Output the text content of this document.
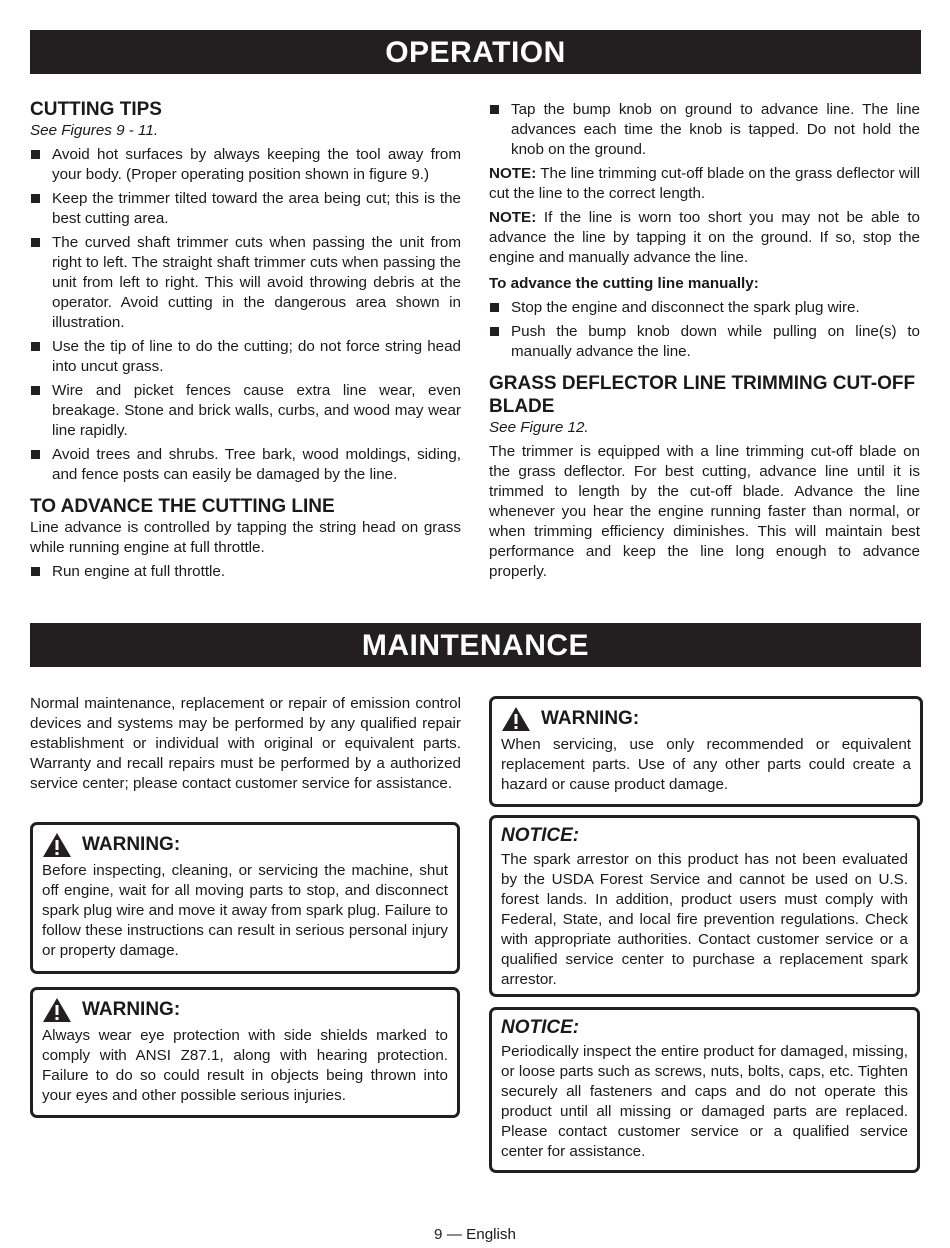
OPERATION
CUTTING TIPS
See Figures 9 - 11.
Avoid hot surfaces by always keeping the tool away from your body. (Proper operating position shown in figure 9.)
Keep the trimmer tilted toward the area being cut; this is the best cutting area.
The curved shaft trimmer cuts when passing the unit from right to left. The straight shaft trimmer cuts when passing the unit from left to right. This will avoid throwing debris at the operator. Avoid cutting in the dangerous area shown in illustration.
Use the tip of line to do the cutting; do not force string head into uncut grass.
Wire and picket fences cause extra line wear, even breakage. Stone and brick walls, curbs, and wood may wear line rapidly.
Avoid trees and shrubs. Tree bark, wood moldings, siding, and fence posts can easily be damaged by the line.
TO ADVANCE THE CUTTING LINE

Line advance is controlled by tapping the string head on grass while running engine at full throttle.

Run engine at full throttle.
Tap the bump knob on ground to advance line. The line advances each time the knob is tapped. Do not hold the knob on the ground.

NOTE: The line trimming cut-off blade on the grass deflector will cut the line to the correct length.

NOTE: If the line is worn too short you may not be able to advance the line by tapping it on the ground. If so, stop the engine and manually advance the line.

To advance the cutting line manually:
Stop the engine and disconnect the spark plug wire.
Push the bump knob down while pulling on line(s) to manually advance the line.
GRASS DEFLECTOR LINE TRIMMING CUT-OFF
BLADE
See Figure 12.

The trimmer is equipped with a line trimming cut-off blade on the grass deflector. For best cutting, advance line until it is trimmed to length by the cut-off blade. Advance the line whenever you hear the engine running faster than normal, or when trimming efficiency diminishes. This will maintain best performance and keep the line long enough to advance properly.

MAINTENANCE

Normal maintenance, replacement or repair of emission control devices and systems may be performed by any qualified repair establishment or individual with original or equivalent parts. Warranty and recall repairs must be performed by a authorized service center; please contact customer service for assistance.

WARNING:

Before inspecting, cleaning, or servicing the machine, shut off engine, wait for all moving parts to stop, and disconnect spark plug wire and move it away from spark plug. Failure to follow these instructions can result in serious personal injury or property damage.

WARNING:

Always wear eye protection with side shields marked to comply with ANSI Z87.1, along with hearing protection. Failure to do so could result in objects being thrown into your eyes and other possible serious injuries.

WARNING:

When servicing, use only recommended or equivalent replacement parts. Use of any other parts could create a hazard or cause product damage.

NOTICE:

The spark arrestor on this product has not been evaluated by the USDA Forest Service and cannot be used on U.S. forest lands. In addition, product users must comply with Federal, State, and local fire prevention regulations. Check with appropriate authorities. Contact customer service or a qualified service center to purchase a replacement spark arrestor.

NOTICE:

Periodically inspect the entire product for damaged, missing, or loose parts such as screws, nuts, bolts, caps, etc. Tighten securely all fasteners and caps and do not operate this product until all missing or damaged parts are replaced. Please contact customer service or a qualified service center for assistance.

9 — English
